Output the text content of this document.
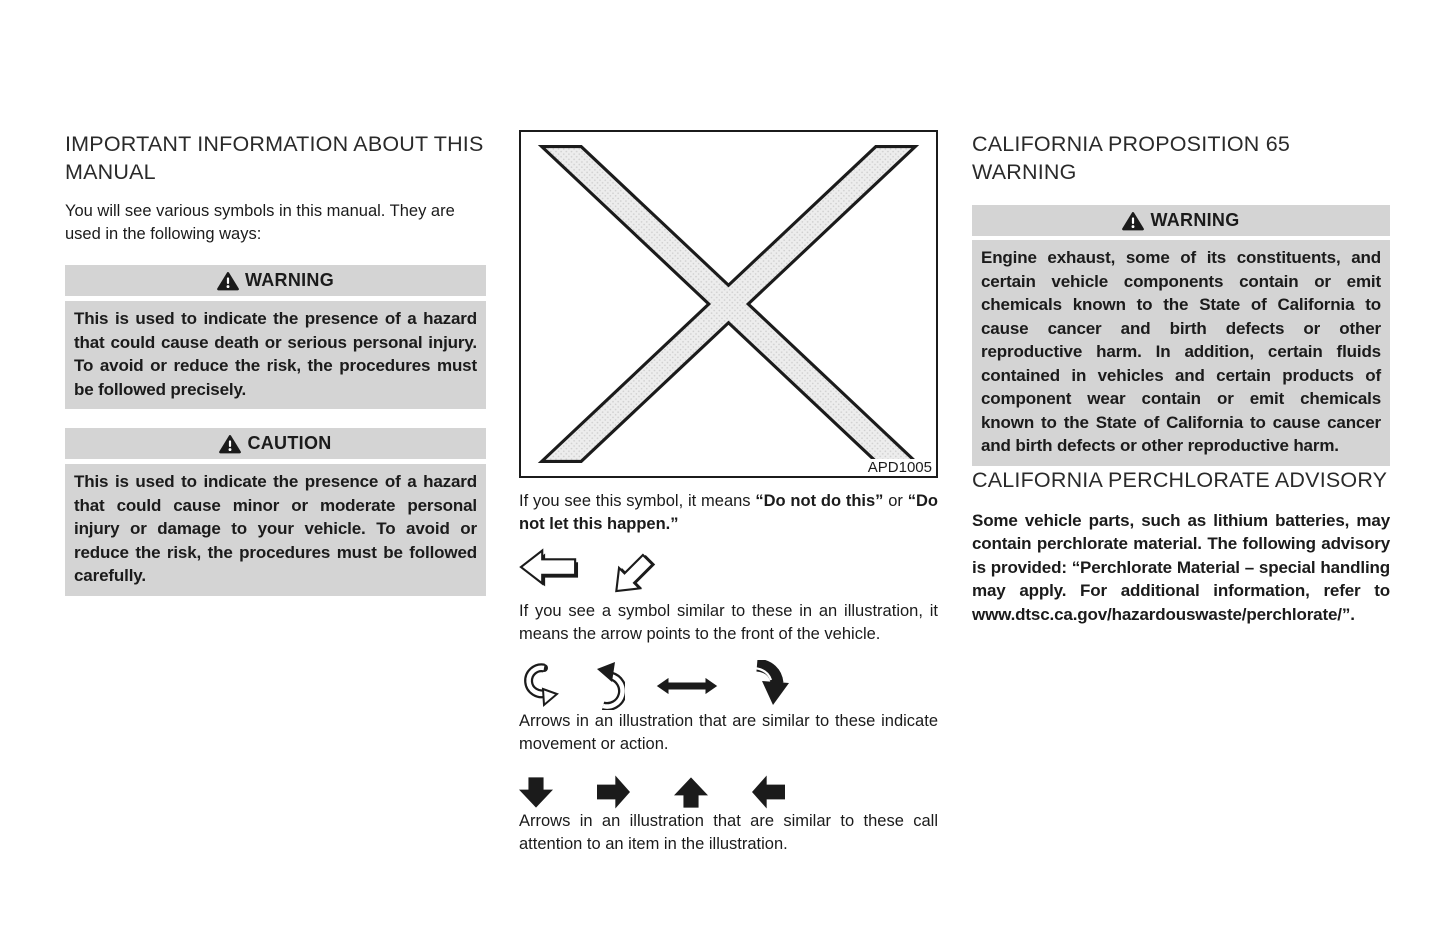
IMPORTANT INFORMATION ABOUT THIS MANUAL

You will see various symbols in this manual. They are used in the following ways:

WARNING
This is used to indicate the presence of a hazard that could cause death or serious personal injury. To avoid or reduce the risk, the procedures must be followed precisely.
CAUTION
This is used to indicate the presence of a hazard that could cause minor or moderate personal injury or damage to your vehicle. To avoid or reduce the risk, the procedures must be followed carefully.
APD1005

If you see this symbol, it means “Do not do this” or “Do not let this happen.”

If you see a symbol similar to these in an illustration, it means the arrow points to the front of the vehicle.

Arrows in an illustration that are similar to these indicate movement or action.

Arrows in an illustration that are similar to these call attention to an item in the illustration.

CALIFORNIA PROPOSITION 65 WARNING
WARNING
Engine exhaust, some of its constituents, and certain vehicle components contain or emit chemicals known to the State of California to cause cancer and birth defects or other reproductive harm. In addition, certain fluids contained in vehicles and certain products of component wear contain or emit chemicals known to the State of California to cause cancer and birth defects or other reproductive harm.
CALIFORNIA PERCHLORATE ADVISORY

Some vehicle parts, such as lithium batteries, may contain perchlorate material. The following advisory is provided: “Perchlorate Material – special handling may apply. For additional information, refer to www.dtsc.ca.gov/hazardouswaste/perchlorate/”.
